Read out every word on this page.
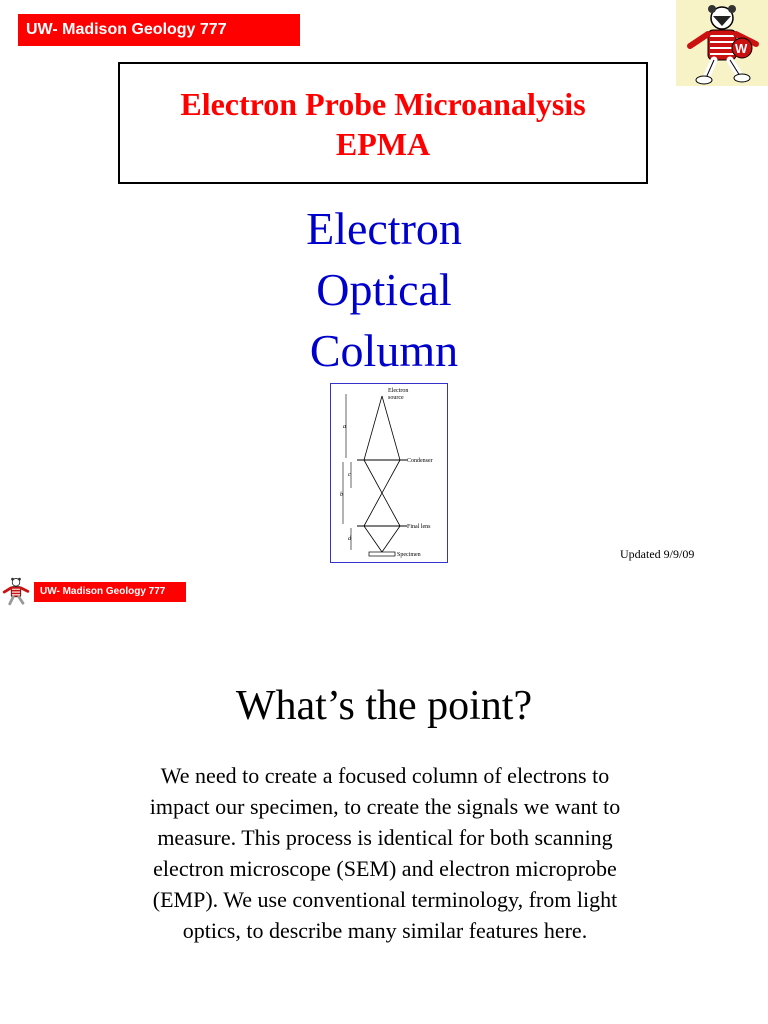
UW- Madison Geology 777
W
Electron Probe Microanalysis
EPMA
Electron
Optical
Column
Electron
source
Condenser
Final lens
Specimen
a
b
c
d
Updated 9/9/09
UW- Madison Geology 777
What’s the point?
We need to create a focused column of electrons to impact our specimen, to create the signals we want to measure. This process is identical for both scanning electron microscope (SEM) and electron microprobe (EMP). We use conventional terminology, from light optics, to describe many similar features here.
